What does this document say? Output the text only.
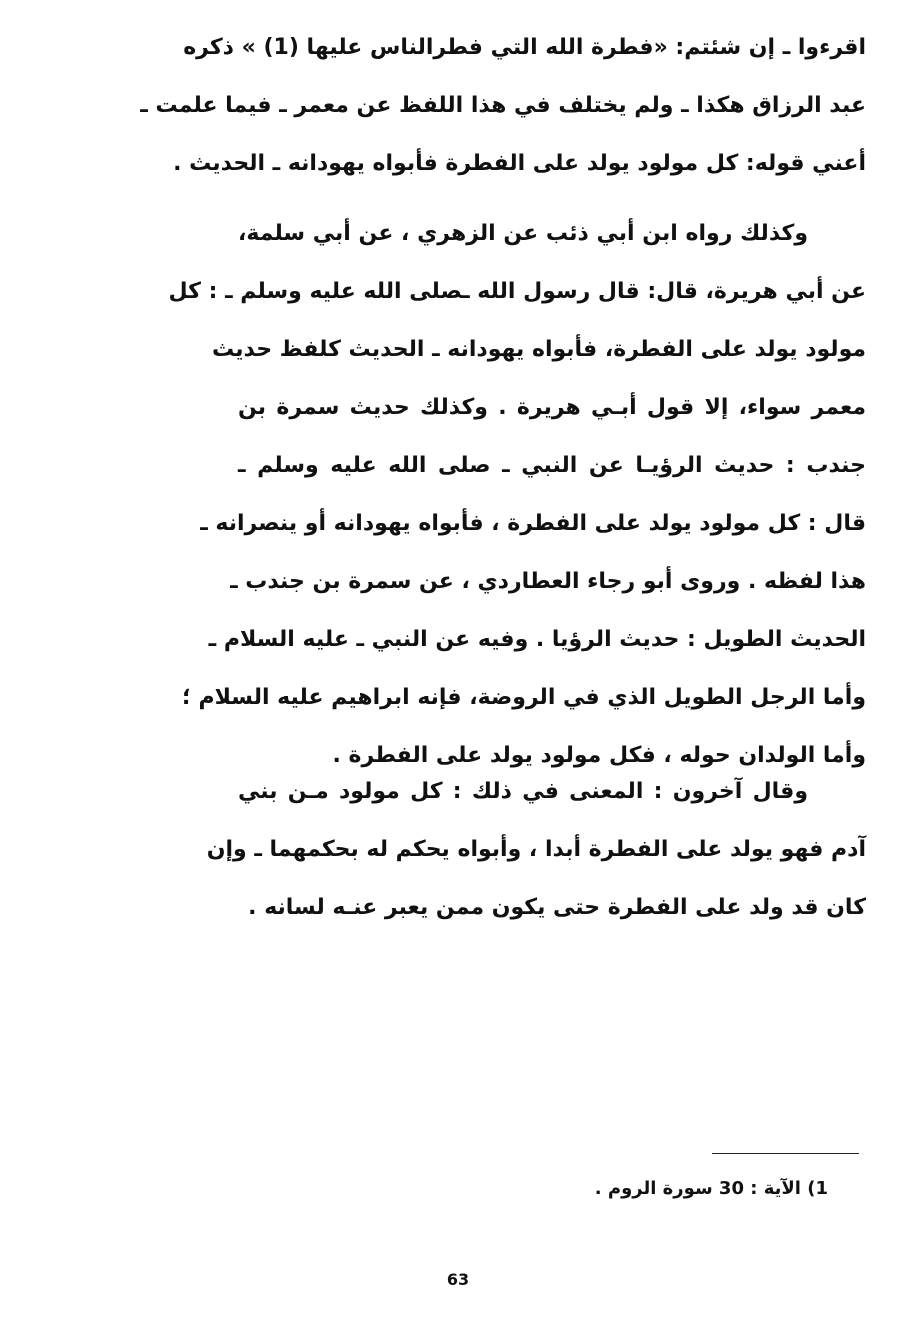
اقرءوا ـ إن شئتم: «فطرة الله التي فطرالناس عليها (1) » ذكره
عبد الرزاق هكذا ـ ولم يختلف في هذا اللفظ عن معمر ـ فيما علمت ـ
أعني قوله: كل مولود يولد على الفطرة فأبواه يهودانه ـ الحديث .
وكذلك رواه ابن أبي ذئب عن الزهري ، عن أبي سلمة،
عن أبي هريرة، قال: قال رسول الله ـصلى الله عليه وسلم ـ : كل
مولود يولد على الفطرة، فأبواه يهودانه ـ الحديث كلفظ حديث
معمر سواء، إلا قول أبـي هريرة . وكذلك حديث سمرة بن
جندب : حديث الرؤيـا عن النبي ـ صلى الله عليه وسلم ـ
قال : كل مولود يولد على الفطرة ، فأبواه يهودانه أو ينصرانه ـ
هذا لفظه . وروى أبو رجاء العطاردي ، عن سمرة بن جندب ـ
الحديث الطويل : حديث الرؤيا . وفيه عن النبي ـ عليه السلام ـ
وأما الرجل الطويل الذي في الروضة، فإنه ابراهيم عليه السلام ؛
وأما الولدان حوله ، فكل مولود يولد على الفطرة .
وقال آخرون : المعنى في ذلك : كل مولود مـن بني
آدم فهو يولد على الفطرة أبدا ، وأبواه يحكم له بحكمهما ـ وإن
كان قد ولد على الفطرة حتى يكون ممن يعبر عنـه لسانه .
1) الآية : 30 سورة الروم .
63
